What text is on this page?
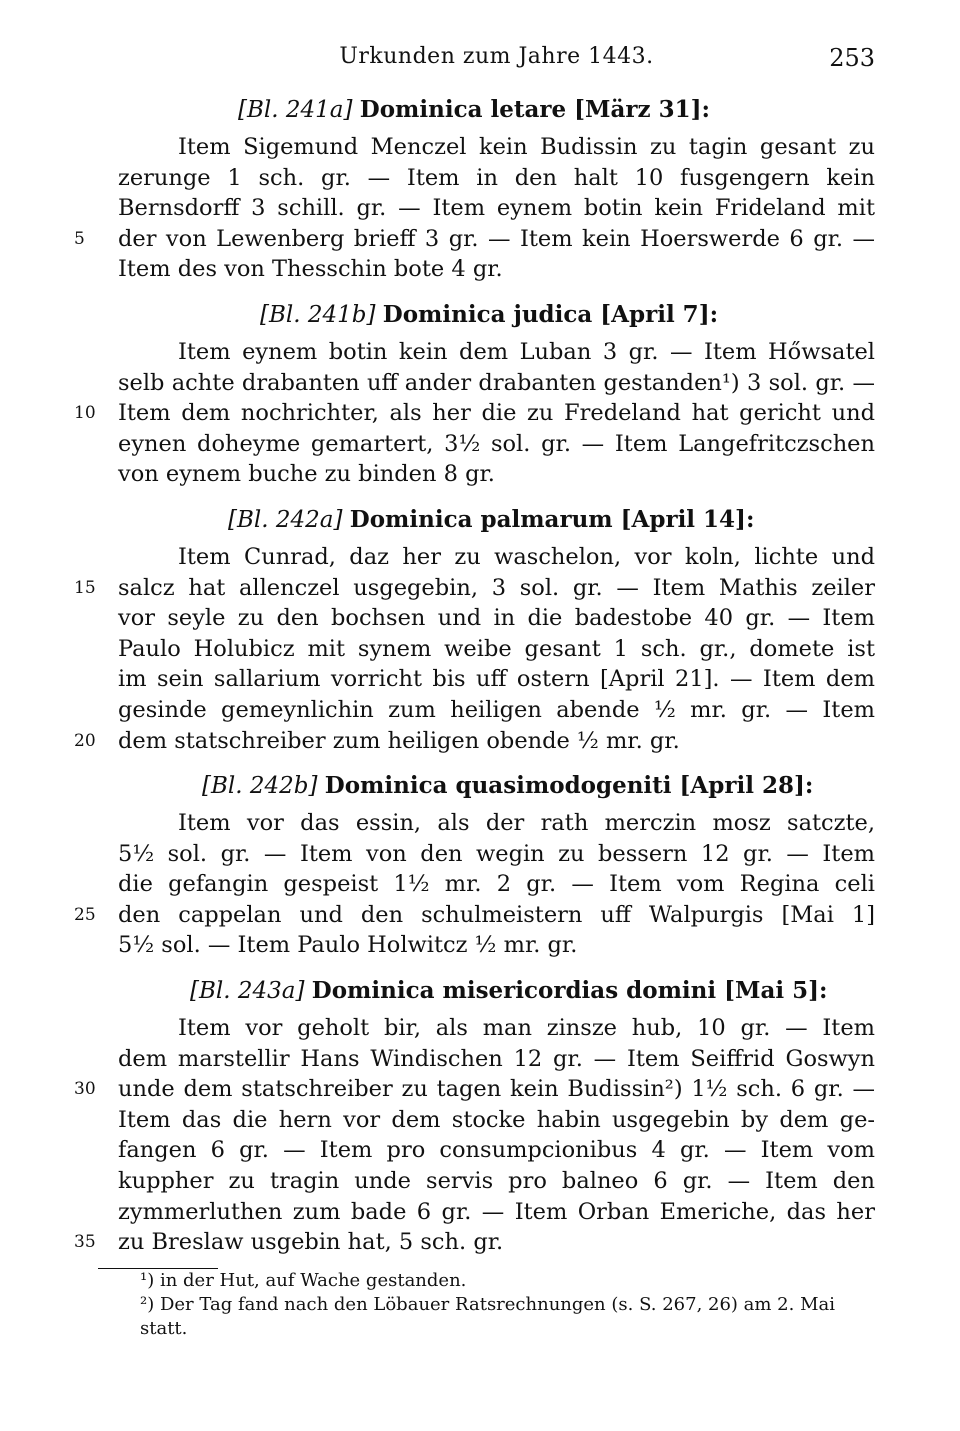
Urkunden zum Jahre 1443.	253
[Bl. 241a] Dominica letare [März 31]:
Item Sigemund Menczel kein Budissin zu tagin gesant zu
zerunge 1 sch. gr. — Item in den halt 10 fusgengern kein
Bernsdorff 3 schill. gr. — Item eynem botin kein Frideland mit
5	der von Lewenberg brieff 3 gr. — Item kein Hoerswerde 6 gr. —
Item des von Thesschin bote 4 gr.
[Bl. 241b] Dominica judica [April 7]:
Item eynem botin kein dem Luban 3 gr. — Item Hőwsatel
selb achte drabanten uff ander drabanten gestanden¹) 3 sol. gr. —
10 Item dem nochrichter, als her die zu Fredeland hat gericht und
eynen doheyme gemartert, 3½ sol. gr. — Item Langefritczschen
von eynem buche zu binden 8 gr.
[Bl. 242a] Dominica palmarum [April 14]:
Item Cunrad, daz her zu waschelon, vor koln, lichte und
15 salcz hat allenczel usgegebin, 3 sol. gr. — Item Mathis zeiler
vor seyle zu den bochsen und in die badestobe 40 gr. — Item
Paulo Holubicz mit synem weibe gesant 1 sch. gr., domete ist
im sein sallarium vorricht bis uff ostern [April 21]. — Item dem
gesinde gemeynlichin zum heiligen abende ½ mr. gr. — Item
20 dem statschreiber zum heiligen obende ½ mr. gr.
[Bl. 242b] Dominica quasimodogeniti [April 28]:
Item vor das essin, als der rath merczin mosz satczte,
5½ sol. gr. — Item von den wegin zu bessern 12 gr. — Item
die gefangin gespeist 1½ mr. 2 gr. — Item vom Regina celi
25 den cappelan und den schulmeistern uff Walpurgis [Mai 1]
5½ sol. — Item Paulo Holwitcz ½ mr. gr.
[Bl. 243a] Dominica misericordias domini [Mai 5]:
Item vor geholt bir, als man zinsze hub, 10 gr. — Item
dem marstellir Hans Windischen 12 gr. — Item Seiffrid Goswyn
30 unde dem statschreiber zu tagen kein Budissin²) 1½ sch. 6 gr. —
Item das die hern vor dem stocke habin usgegebin by dem ge-
fangen 6 gr. — Item pro consumpcionibus 4 gr. — Item vom
kuppher zu tragin unde servis pro balneo 6 gr. — Item den
zymmerluthen zum bade 6 gr. — Item Orban Emeriche, das her
35 zu Breslaw usgebin hat, 5 sch. gr.
¹) in der Hut, auf Wache gestanden.
²) Der Tag fand nach den Löbauer Ratsrechnungen (s. S. 267, 26) am 2. Mai statt.
